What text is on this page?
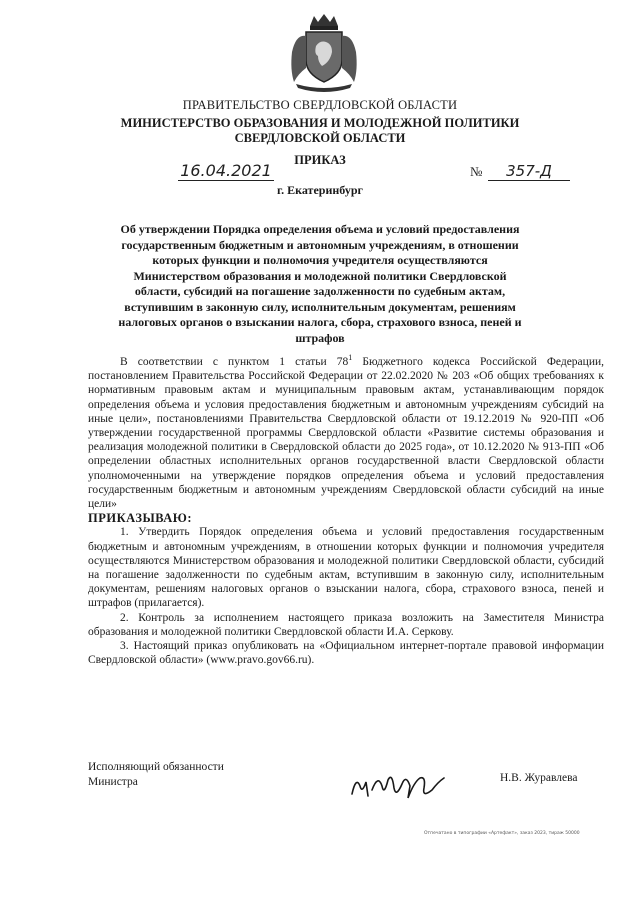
ПРАВИТЕЛЬСТВО СВЕРДЛОВСКОЙ ОБЛАСТИ
МИНИСТЕРСТВО ОБРАЗОВАНИЯ И МОЛОДЕЖНОЙ ПОЛИТИКИ
СВЕРДЛОВСКОЙ ОБЛАСТИ
ПРИКАЗ
16.04.2021	№	357-Д
г. Екатеринбург
Об утверждении Порядка определения объема и условий предоставления государственным бюджетным и автономным учреждениям, в отношении которых функции и полномочия учредителя осуществляются Министерством образования и молодежной политики Свердловской области, субсидий на погашение задолженности по судебным актам, вступившим в законную силу, исполнительным документам, решениям налоговых органов о взыскании налога, сбора, страхового взноса, пеней и штрафов

В соответствии с пунктом 1 статьи $78^1$ Бюджетного кодекса Российской Федерации, постановлением Правительства Российской Федерации от 22.02.2020 № 203 «Об общих требованиях к нормативным правовым актам и муниципальным правовым актам, устанавливающим порядок определения объема и условия предоставления бюджетным и автономным учреждениям субсидий на иные цели», постановлениями Правительства Свердловской области от 19.12.2019 № 920-ПП «Об утверждении государственной программы Свердловской области «Развитие системы образования и реализация молодежной политики в Свердловской области до 2025 года», от 10.12.2020 № 913-ПП «Об определении областных исполнительных органов государственной власти Свердловской области уполномоченными на утверждение порядков определения объема и условий предоставления государственным бюджетным и автономным учреждениям Свердловской области субсидий на иные цели»

ПРИКАЗЫВАЮ:

1. Утвердить Порядок определения объема и условий предоставления государственным бюджетным и автономным учреждениям, в отношении которых функции и полномочия учредителя осуществляются Министерством образования и молодежной политики Свердловской области, субсидий на погашение задолженности по судебным актам, вступившим в законную силу, исполнительным документам, решениям налоговых органов о взыскании налога, сбора, страхового взноса, пеней и штрафов (прилагается).

2. Контроль за исполнением настоящего приказа возложить на Заместителя Министра образования и молодежной политики Свердловской области И.А. Серкову.

3. Настоящий приказ опубликовать на «Официальном интернет-портале правовой информации Свердловской области» (www.pravo.gov66.ru).

Исполняющий обязанности
Министра	Н.В. Журавлева
Отпечатано в типографии «Артефакт», заказ 2023, тираж 50000
